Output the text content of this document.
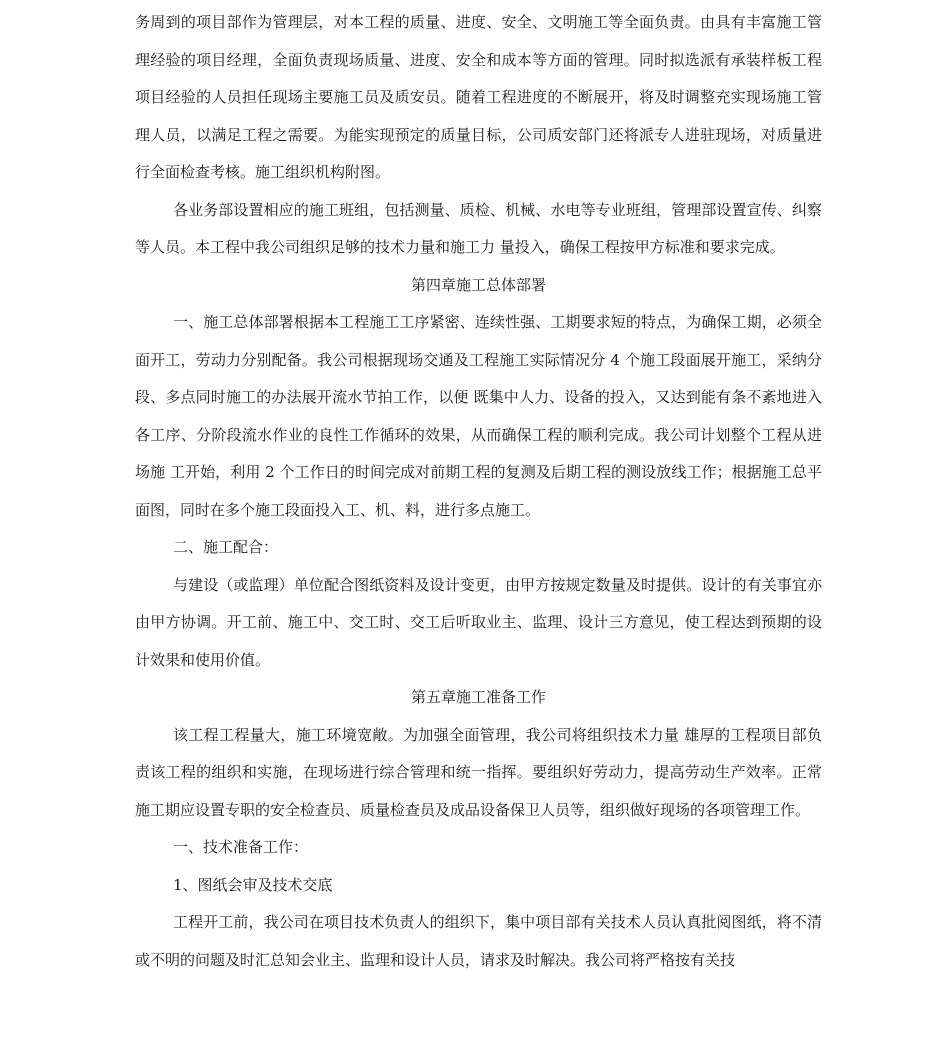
务周到的项目部作为管理层，对本工程的质量、进度、安全、文明施工等全面负责。由具有丰富施工管理经验的项目经理，全面负责现场质量、进度、安全和成本等方面的管理。同时拟选派有承装样板工程项目经验的人员担任现场主要施工员及质安员。随着工程进度的不断展开，将及时调整充实现场施工管理人员，以满足工程之需要。为能实现预定的质量目标，公司质安部门还将派专人进驻现场，对质量进行全面检查考核。施工组织机构附图。

各业务部设置相应的施工班组，包括测量、质检、机械、水电等专业班组，管理部设置宣传、纠察等人员。本工程中我公司组织足够的技术力量和施工力 量投入，确保工程按甲方标准和要求完成。

第四章施工总体部署

一、施工总体部署根据本工程施工工序紧密、连续性强、工期要求短的特点，为确保工期，必须全面开工，劳动力分别配备。我公司根据现场交通及工程施工实际情况分 4 个施工段面展开施工，采纳分段、多点同时施工的办法展开流水节拍工作，以便 既集中人力、设备的投入，又达到能有条不紊地进入各工序、分阶段流水作业的良性工作循环的效果，从而确保工程的顺利完成。我公司计划整个工程从进场施 工开始，利用 2 个工作日的时间完成对前期工程的复测及后期工程的测设放线工作；根据施工总平面图，同时在多个施工段面投入工、机、料，进行多点施工。

二、施工配合：

与建设（或监理）单位配合图纸资料及设计变更，由甲方按规定数量及时提供。设计的有关事宜亦由甲方协调。开工前、施工中、交工时、交工后听取业主、监理、设计三方意见，使工程达到预期的设计效果和使用价值。

第五章施工准备工作

该工程工程量大，施工环境宽敞。为加强全面管理，我公司将组织技术力量 雄厚的工程项目部负责该工程的组织和实施，在现场进行综合管理和统一指挥。要组织好劳动力，提高劳动生产效率。正常施工期应设置专职的安全检查员、质量检查员及成品设备保卫人员等，组织做好现场的各项管理工作。

一、技术准备工作：

1、图纸会审及技术交底

工程开工前，我公司在项目技术负责人的组织下，集中项目部有关技术人员认真批阅图纸，将不清或不明的问题及时汇总知会业主、监理和设计人员，请求及时解决。我公司将严格按有关技
